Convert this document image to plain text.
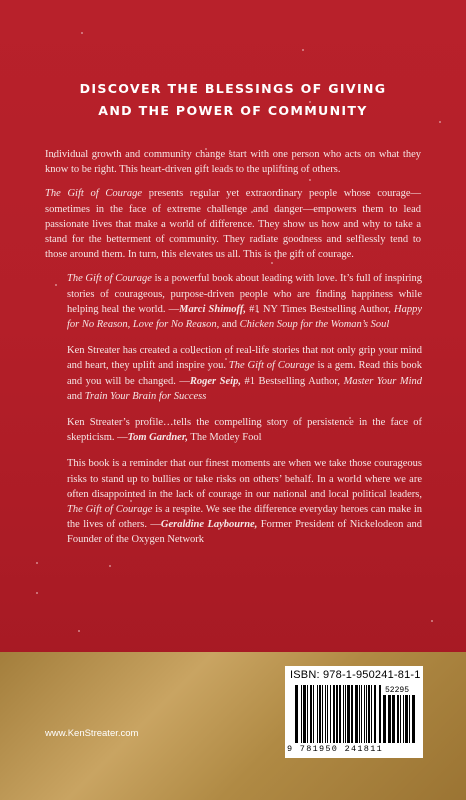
DISCOVER THE BLESSINGS OF GIVING
AND THE POWER OF COMMUNITY

Individual growth and community change start with one person who acts on what they know to be right. This heart-driven gift leads to the uplifting of others.

The Gift of Courage presents regular yet extraordinary people whose courage—sometimes in the face of extreme challenge and danger—empowers them to lead passionate lives that make a world of difference. They show us how and why to take a stand for the betterment of community. They radiate goodness and selflessly tend to those around them. In turn, this elevates us all. This is the gift of courage.

The Gift of Courage is a powerful book about leading with love. It’s full of inspiring stories of courageous, purpose-driven people who are finding happiness while helping heal the world. —Marci Shimoff, #1 NY Times Bestselling Author, Happy for No Reason, Love for No Reason, and Chicken Soup for the Woman’s Soul

Ken Streater has created a collection of real-life stories that not only grip your mind and heart, they uplift and inspire you. The Gift of Courage is a gem. Read this book and you will be changed. —Roger Seip, #1 Bestselling Author, Master Your Mind and Train Your Brain for Success

Ken Streater’s profile…tells the compelling story of persistence in the face of skepticism. —Tom Gardner, The Motley Fool

This book is a reminder that our finest moments are when we take those courageous risks to stand up to bullies or take risks on others’ behalf. In a world where we are often disappointed in the lack of courage in our national and local political leaders, The Gift of Courage is a respite. We see the difference everyday heroes can make in the lives of others. —Geraldine Laybourne, Former President of Nickelodeon and Founder of the Oxygen Network

www.KenStreater.com
ISBN: 978-1-950241-81-1
52295
9 781950 241811
